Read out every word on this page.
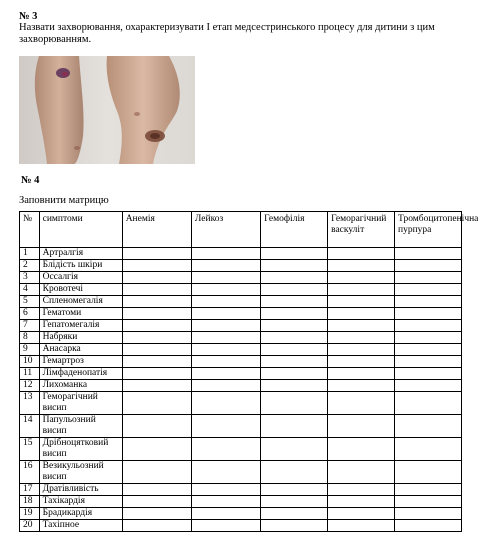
№ 3
Назвати захворювання, охарактеризувати I етап медсестринського процесу для дитини з цим захворюванням.
№ 4
Заповнити матрицю
№	симптоми	Анемія	Лейкоз	Гемофілія	Геморагічний васкуліт	Тромбоцитопенічна пурпура
1	Артралгія					
2	Блідість шкіри					
3	Оссалгія					
4	Кровотечі					
5	Спленомегалія					
6	Гематоми					
7	Гепатомегалія					
8	Набряки					
9	Анасарка					
10	Гемартроз					
11	Лімфаденопатія					
12	Лихоманка					
13	Геморагічний висип					
14	Папульозний висип					
15	Дрібноцятковий висип					
16	Везикульозний висип					
17	Дратівливість					
18	Тахікардія					
19	Брадикардія					
20	Тахіпное					
